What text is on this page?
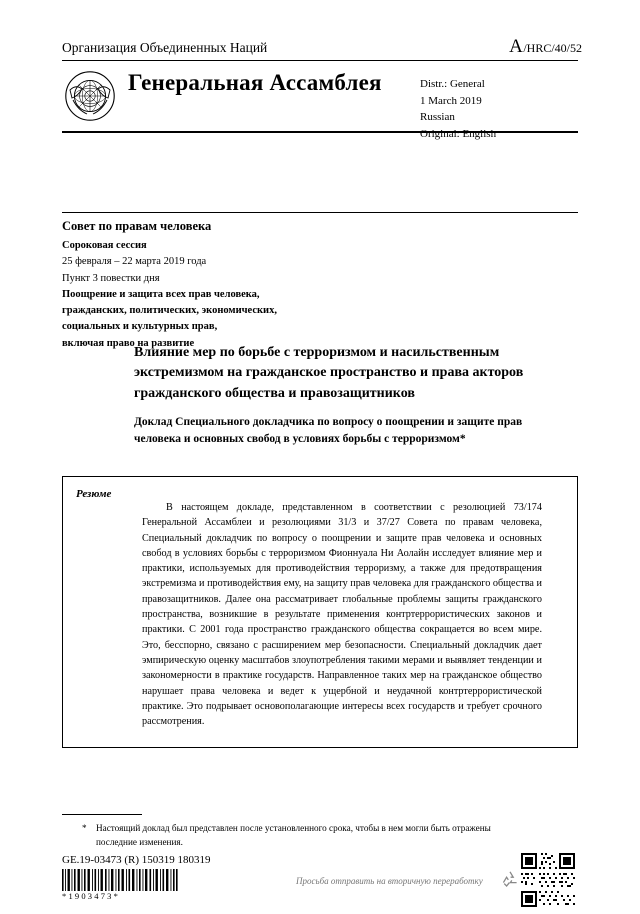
A/HRC/40/52
Организация Объединенных Наций
Генеральная Ассамблея	Distr.: General
1 March 2019
Russian
Original: English
Совет по правам человека
Сороковая сессия
25 февраля – 22 марта 2019 года
Пункт 3 повестки дня
Поощрение и защита всех прав человека,
гражданских, политических, экономических,
социальных и культурных прав,
включая право на развитие
Влияние мер по борьбе с терроризмом и насильственным экстремизмом на гражданское пространство и права акторов гражданского общества и правозащитников
Доклад Специального докладчика по вопросу о поощрении и защите прав человека и основных свобод в условиях борьбы с терроризмом*
Резюме
В настоящем докладе, представленном в соответствии с резолюцией 73/174 Генеральной Ассамблеи и резолюциями 31/3 и 37/27 Совета по правам человека, Специальный докладчик по вопросу о поощрении и защите прав человека и основных свобод в условиях борьбы с терроризмом Фионнуала Ни Аолайн исследует влияние мер и практики, используемых для противодействия терроризму, а также для предотвращения экстремизма и противодействия ему, на защиту прав человека для гражданского общества и правозащитников. Далее она рассматривает глобальные проблемы защиты гражданского пространства, возникшие в результате применения контртеррористических законов и практики. С 2001 года пространство гражданского общества сокращается во всем мире. Это, бесспорно, связано с расширением мер безопасности. Специальный докладчик дает эмпирическую оценку масштабов злоупотребления такими мерами и выявляет тенденции и закономерности в практике государств. Направленное таких мер на гражданское общество нарушает права человека и ведет к ущербной и неудачной контртеррористической практике. Это подрывает основополагающие интересы всех государств и требует срочного рассмотрения.
* Настоящий доклад был представлен после установленного срока, чтобы в нем могли быть отражены последние изменения.
GE.19-03473 (R) 150319 180319
*1903473*
Просьба отправить на вторичную переработку
